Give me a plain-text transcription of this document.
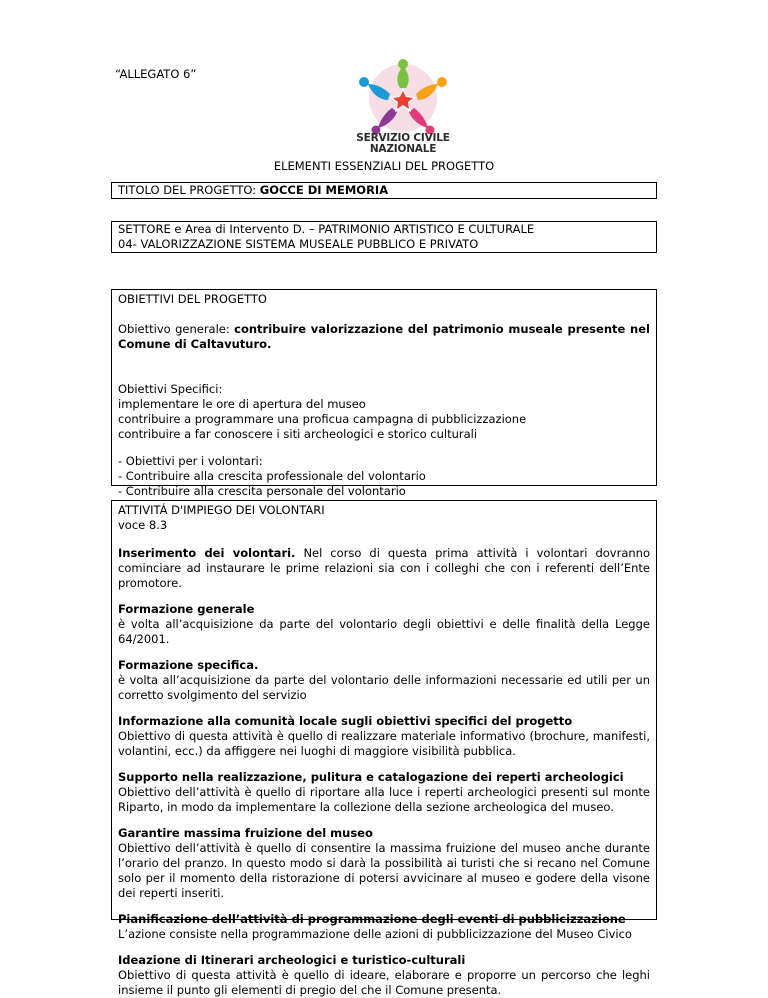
“ALLEGATO 6”
SERVIZIO CIVILE
NAZIONALE
ELEMENTI ESSENZIALI DEL PROGETTO

TITOLO DEL PROGETTO: GOCCE DI MEMORIA

SETTORE e Area di Intervento D. – PATRIMONIO ARTISTICO E CULTURALE

04- VALORIZZAZIONE SISTEMA MUSEALE PUBBLICO E PRIVATO

OBIETTIVI DEL PROGETTO

Obiettivo generale: contribuire valorizzazione del patrimonio museale presente nel Comune di Caltavuturo.

Obiettivi Specifici:

implementare le ore di apertura del museo

contribuire a programmare una proficua campagna di pubblicizzazione

contribuire a far conoscere i siti archeologici e storico culturali

- Obiettivi per i volontari:

- Contribuire alla crescita professionale del volontario

- Contribuire alla crescita personale del volontario

ATTIVITÁ D'IMPIEGO DEI VOLONTARI

voce 8.3

Inserimento dei volontari. Nel corso di questa prima attività i volontari dovranno cominciare ad instaurare le prime relazioni sia con i colleghi che con i referenti dell’Ente promotore.

Formazione generale

è volta all’acquisizione da parte del volontario degli obiettivi e delle finalità della Legge 64/2001.

Formazione specifica.

è volta all’acquisizione da parte del volontario delle informazioni necessarie ed utili per un corretto svolgimento del servizio

Informazione alla comunità locale sugli obiettivi specifici del progetto

Obiettivo di questa attività è quello di realizzare materiale informativo (brochure, manifesti, volantini, ecc.) da affiggere nei luoghi di maggiore visibilità pubblica.

Supporto nella realizzazione, pulitura e catalogazione dei reperti archeologici

Obiettivo dell’attività è quello di riportare alla luce i reperti archeologici presenti sul monte Riparto, in modo da implementare la collezione della sezione archeologica del museo.

Garantire massima fruizione del museo

Obiettivo dell’attività è quello di consentire la massima fruizione del museo anche durante l’orario del pranzo. In questo modo si darà la possibilità ai turisti che si recano nel Comune solo per il momento della ristorazione di potersi avvicinare al museo e godere della visone dei reperti inseriti.

Pianificazione dell’attività di programmazione degli eventi di pubblicizzazione

L’azione consiste nella programmazione delle azioni di pubblicizzazione del Museo Civico

Ideazione di Itinerari archeologici e turistico-culturali

Obiettivo di questa attività è quello di ideare, elaborare e proporre un percorso che leghi insieme il punto gli elementi di pregio del che il Comune presenta.
